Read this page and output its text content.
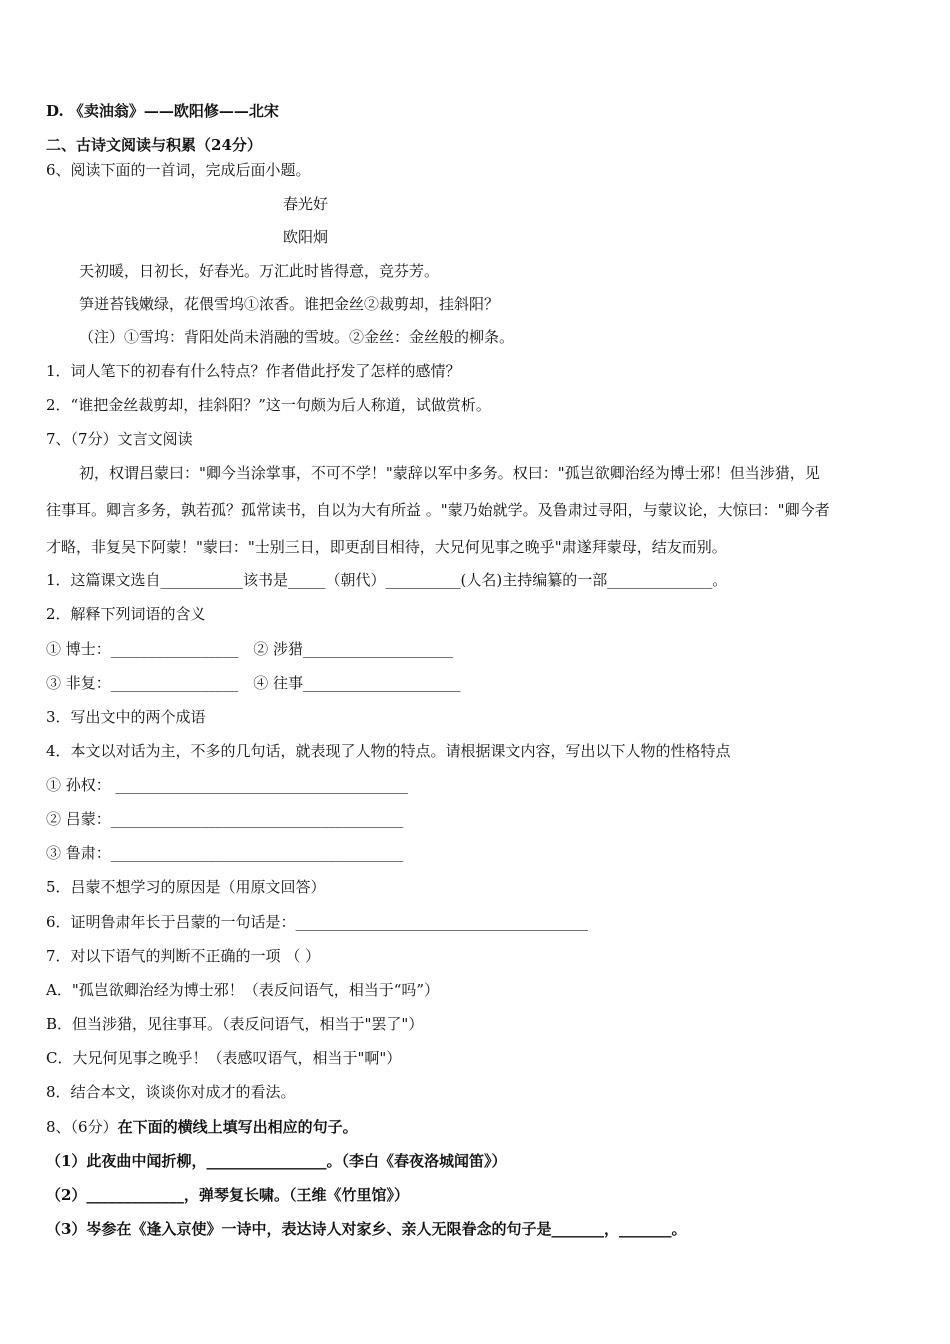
D. 《卖油翁》——欧阳修——北宋
二、古诗文阅读与积累（24分）
6、阅读下面的一首词，完成后面小题。
春光好
欧阳炯
天初暖，日初长，好春光。万汇此时皆得意，竞芬芳。
笋迸苔钱嫩绿，花偎雪坞①浓香。谁把金丝②裁剪却，挂斜阳？
（注）①雪坞：背阳处尚未消融的雪坡。②金丝：金丝般的柳条。
1．词人笔下的初春有什么特点？作者借此抒发了怎样的感情？
2．“谁把金丝裁剪却，挂斜阳？”这一句颇为后人称道，试做赏析。
7、（7分）文言文阅读
初，权谓吕蒙曰："卿今当涂掌事，不可不学！"蒙辞以军中多务。权曰："孤岂欲卿治经为博士邪！但当涉猎，见
往事耳。卿言多务，孰若孤？孤常读书，自以为大有所益 。"蒙乃始就学。及鲁肃过寻阳，与蒙议论，大惊曰："卿今者
才略，非复吴下阿蒙！"蒙曰："士别三日，即更刮目相待，大兄何见事之晚乎"肃遂拜蒙母，结友而别。
1．这篇课文选自___________该书是_____（朝代）__________(人名)主持编纂的一部______________。
2．解释下列词语的含义
① 博士：_________________　② 涉猎____________________
③ 非复：_________________　④ 往事_____________________
3．写出文中的两个成语
4．本文以对话为主，不多的几句话，就表现了人物的特点。请根据课文内容，写出以下人物的性格特点
① 孙权： _______________________________________
② 吕蒙：_______________________________________
③ 鲁肃：_______________________________________
5．吕蒙不想学习的原因是（用原文回答）
6．证明鲁肃年长于吕蒙的一句话是：_______________________________________
7．对以下语气的判断不正确的一项 （ ）
A．"孤岂欲卿治经为博士邪！（表反问语气，相当于“吗”）
B．但当涉猎，见往事耳。（表反问语气，相当于"罢了"）
C．大兄何见事之晚乎！（表感叹语气，相当于"啊"）
8．结合本文，谈谈你对成才的看法。
8、（6分）在下面的横线上填写出相应的句子。
（1）此夜曲中闻折柳，________________。（李白《春夜洛城闻笛》）
（2）_____________，弹琴复长啸。（王维《竹里馆》）
（3）岑参在《逢入京使》一诗中，表达诗人对家乡、亲人无限眷念的句子是_______，_______。
